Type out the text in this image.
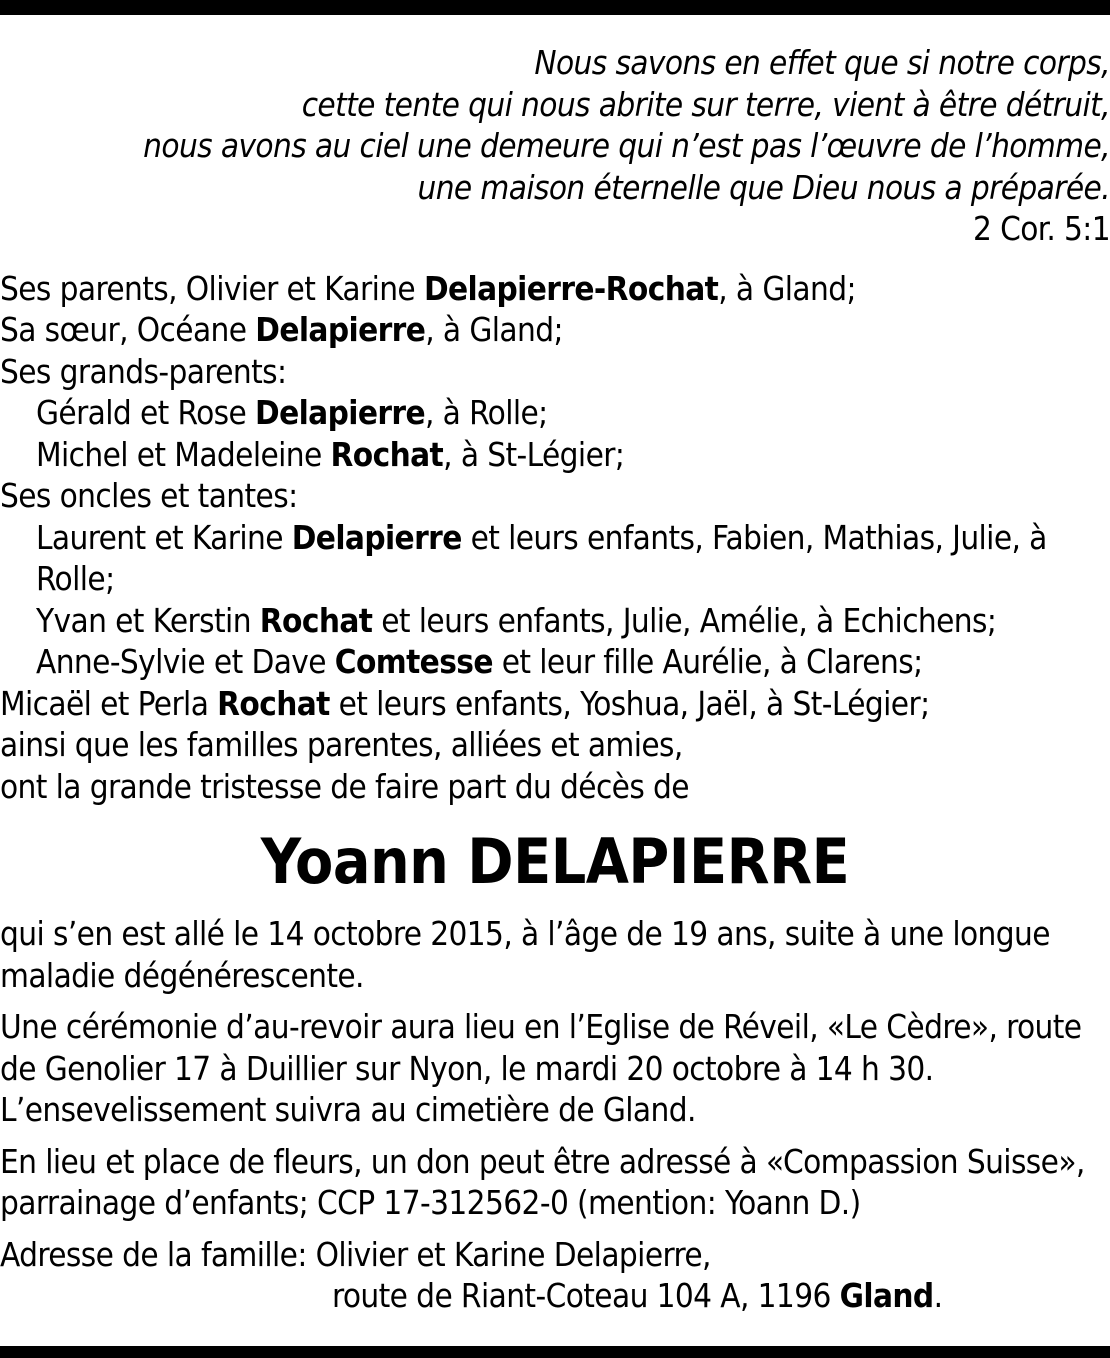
Nous savons en effet que si notre corps,
cette tente qui nous abrite sur terre, vient à être détruit,
nous avons au ciel une demeure qui n’est pas l’œuvre de l’homme,
une maison éternelle que Dieu nous a préparée.
2 Cor. 5:1
Ses parents, Olivier et Karine Delapierre-Rochat, à Gland;
Sa sœur, Océane Delapierre, à Gland;
Ses grands-parents:
Gérald et Rose Delapierre, à Rolle;
Michel et Madeleine Rochat, à St-Légier;
Ses oncles et tantes:
Laurent et Karine Delapierre et leurs enfants, Fabien, Mathias, Julie, à Rolle;
Yvan et Kerstin Rochat et leurs enfants, Julie, Amélie, à Echichens;
Anne-Sylvie et Dave Comtesse et leur fille Aurélie, à Clarens;
Micaël et Perla Rochat et leurs enfants, Yoshua, Jaël, à St-Légier;
ainsi que les familles parentes, alliées et amies,
ont la grande tristesse de faire part du décès de
Yoann DELAPIERRE
qui s’en est allé le 14 octobre 2015, à l’âge de 19 ans, suite à une longue maladie dégénérescente.
Une cérémonie d’au-revoir aura lieu en l’Eglise de Réveil, «Le Cèdre», route de Genolier 17 à Duillier sur Nyon, le mardi 20 octobre à 14 h 30.
L’ensevelissement suivra au cimetière de Gland.
En lieu et place de fleurs, un don peut être adressé à «Compassion Suisse», parrainage d’enfants; CCP 17-312562-0 (mention: Yoann D.)
Adresse de la famille: Olivier et Karine Delapierre,
route de Riant-Coteau 104 A, 1196 Gland.
